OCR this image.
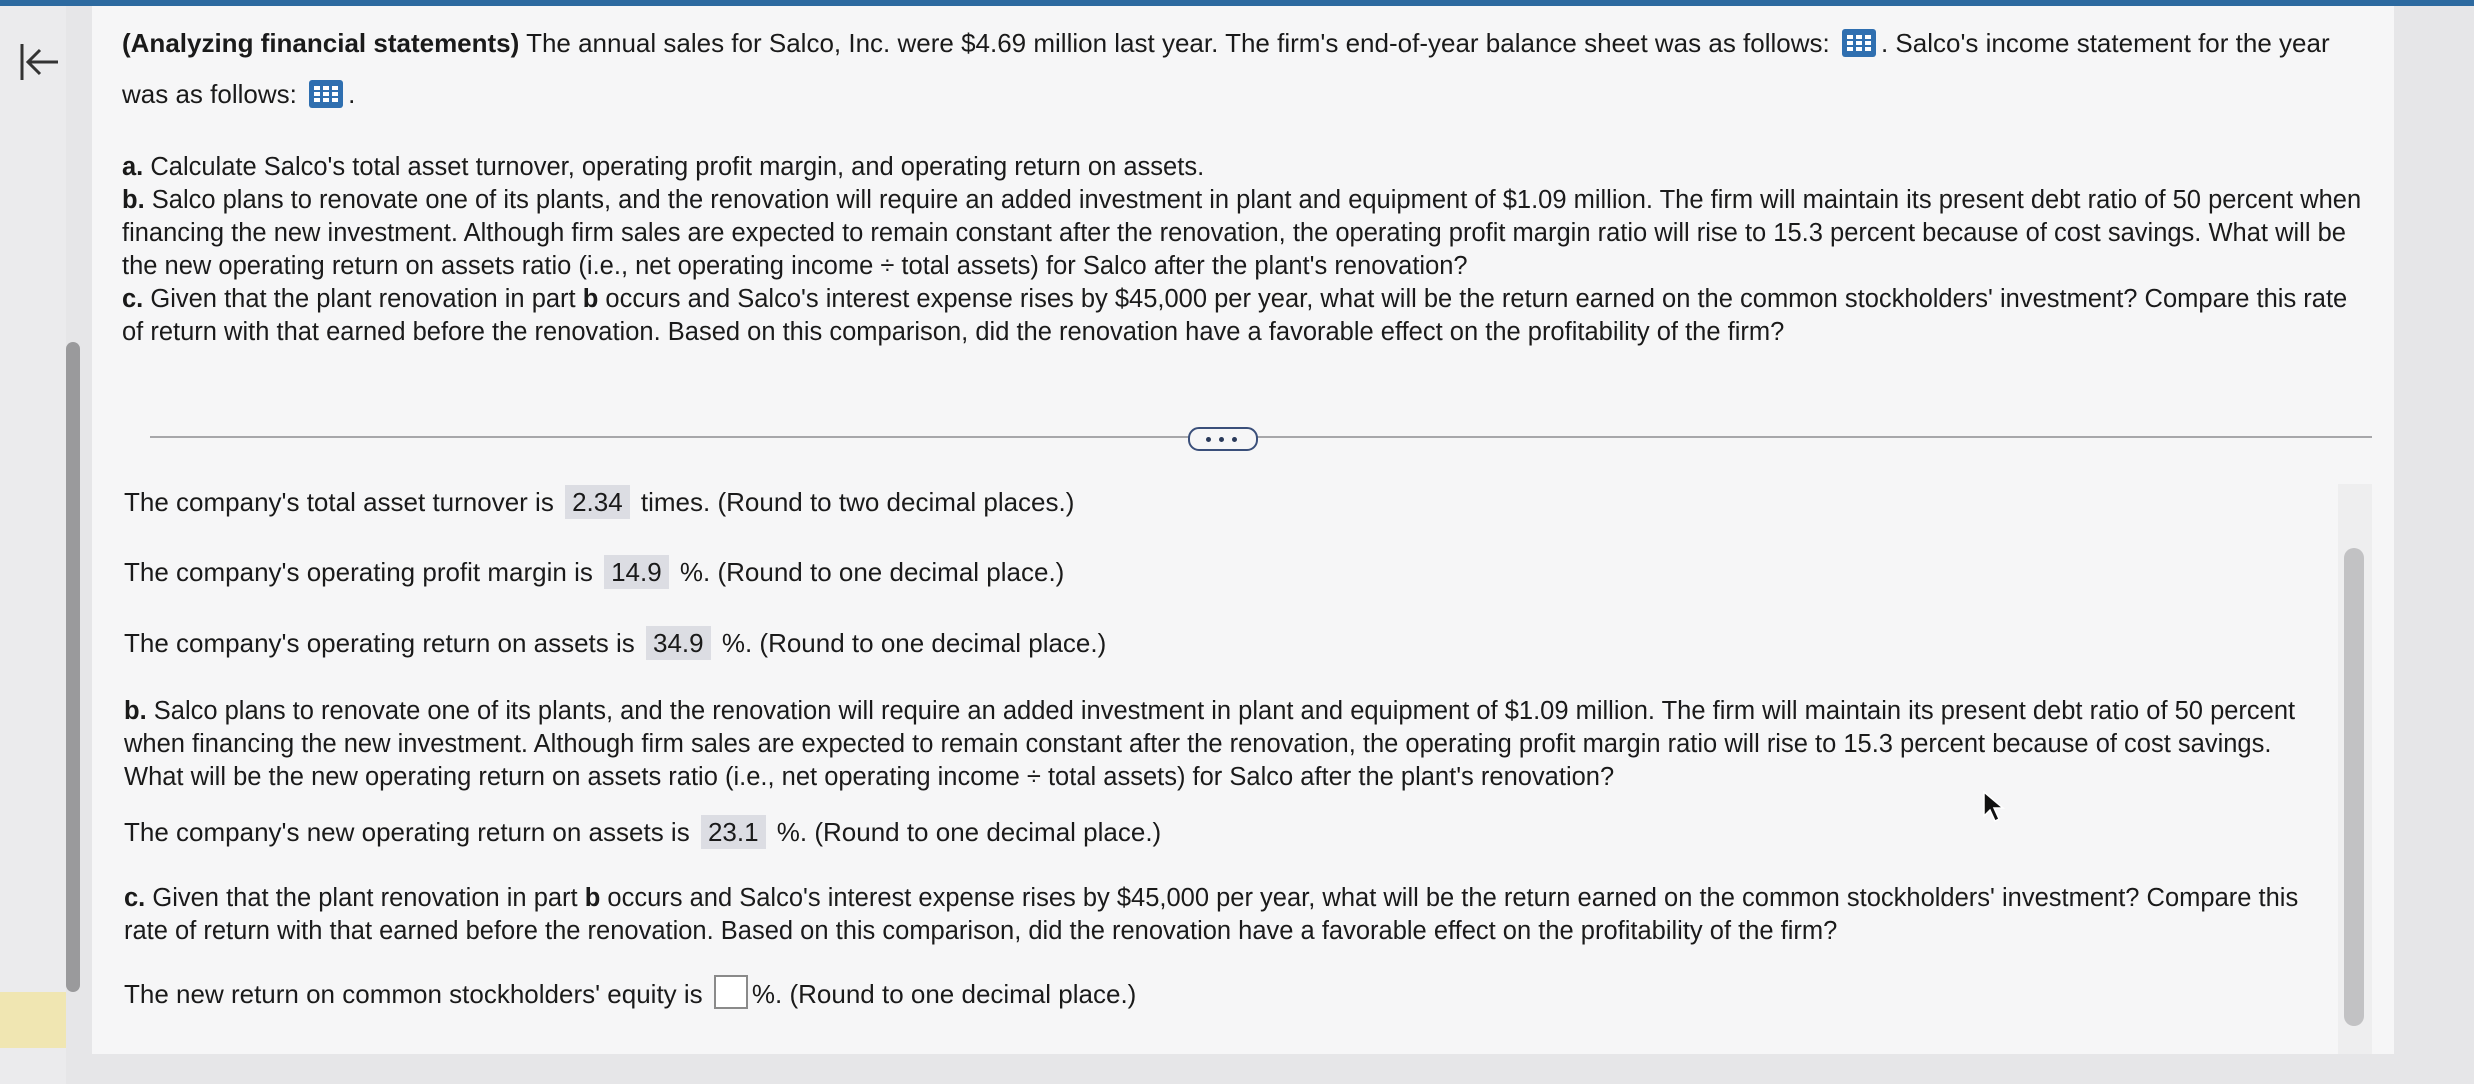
(Analyzing financial statements) The annual sales for Salco, Inc. were $4.69 million last year. The firm's end-of-year balance sheet was as follows: . Salco's income statement for the year
was as follows: .
a. Calculate Salco's total asset turnover, operating profit margin, and operating return on assets.
b. Salco plans to renovate one of its plants, and the renovation will require an added investment in plant and equipment of $1.09 million. The firm will maintain its present debt ratio of 50 percent when financing the new investment. Although firm sales are expected to remain constant after the renovation, the operating profit margin ratio will rise to 15.3 percent because of cost savings. What will be the new operating return on assets ratio (i.e., net operating income ÷ total assets) for Salco after the plant's renovation?
c. Given that the plant renovation in part b occurs and Salco's interest expense rises by $45,000 per year, what will be the return earned on the common stockholders' investment? Compare this rate of return with that earned before the renovation. Based on this comparison, did the renovation have a favorable effect on the profitability of the firm?
The company's total asset turnover is 2.34 times. (Round to two decimal places.)
The company's operating profit margin is 14.9 %. (Round to one decimal place.)
The company's operating return on assets is 34.9 %. (Round to one decimal place.)
b. Salco plans to renovate one of its plants, and the renovation will require an added investment in plant and equipment of $1.09 million. The firm will maintain its present debt ratio of 50 percent when financing the new investment. Although firm sales are expected to remain constant after the renovation, the operating profit margin ratio will rise to 15.3 percent because of cost savings. What will be the new operating return on assets ratio (i.e., net operating income ÷ total assets) for Salco after the plant's renovation?
The company's new operating return on assets is 23.1 %. (Round to one decimal place.)
c. Given that the plant renovation in part b occurs and Salco's interest expense rises by $45,000 per year, what will be the return earned on the common stockholders' investment? Compare this rate of return with that earned before the renovation. Based on this comparison, did the renovation have a favorable effect on the profitability of the firm?
The new return on common stockholders' equity is %. (Round to one decimal place.)
